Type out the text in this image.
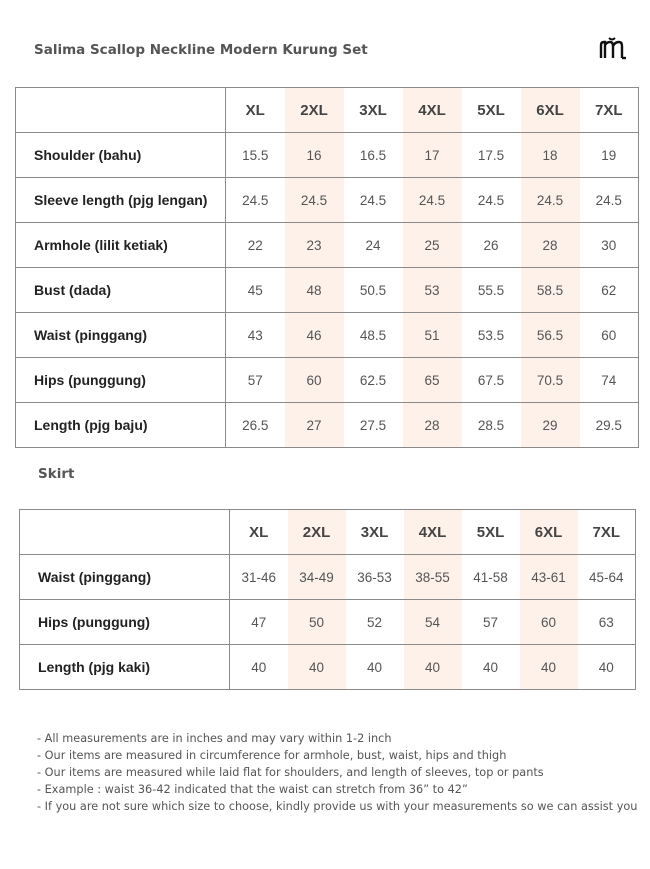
Salima Scallop Neckline Modern Kurung Set
	XL	2XL	3XL	4XL	5XL	6XL	7XL
Shoulder (bahu)	15.5	16	16.5	17	17.5	18	19
Sleeve length (pjg lengan)	24.5	24.5	24.5	24.5	24.5	24.5	24.5
Armhole (lilit ketiak)	22	23	24	25	26	28	30
Bust (dada)	45	48	50.5	53	55.5	58.5	62
Waist (pinggang)	43	46	48.5	51	53.5	56.5	60
Hips (punggung)	57	60	62.5	65	67.5	70.5	74
Length (pjg baju)	26.5	27	27.5	28	28.5	29	29.5
Skirt
	XL	2XL	3XL	4XL	5XL	6XL	7XL
Waist (pinggang)	31-46	34-49	36-53	38-55	41-58	43-61	45-64
Hips (punggung)	47	50	52	54	57	60	63
Length (pjg kaki)	40	40	40	40	40	40	40
- All measurements are in inches and may vary within 1-2 inch
- Our items are measured in circumference for armhole, bust, waist, hips and thigh
- Our items are measured while laid flat for shoulders, and length of sleeves, top or pants
- Example : waist 36-42 indicated that the waist can stretch from 36” to 42”
- If you are not sure which size to choose, kindly provide us with your measurements so we can assist you
